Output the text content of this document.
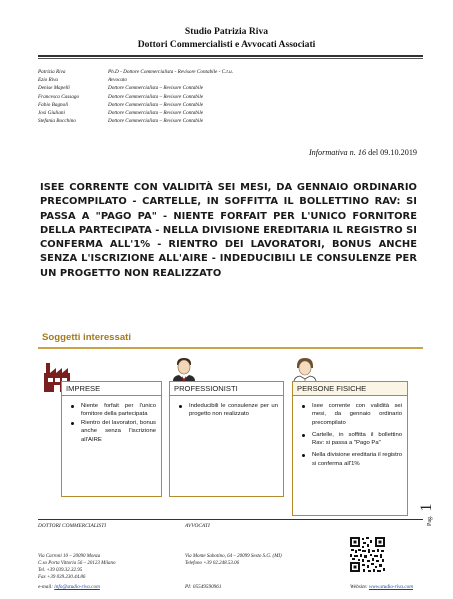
Studio Patrizia Riva
Dottori Commercialisti e Avvocati Associati
Patrizia Riva	Ph.D - Dottore Commercialista - Revisore Contabile - C.t.u.
Ezio Riva	Avvocato
Denise Mapelli	Dottore Commercialista – Revisore Contabile
Francesca Cassago	Dottore Commercialista – Revisore Contabile
Fabio Bagnoli	Dottore Commercialista – Revisore Contabile
Josi Giuliani	Dottore Commercialista – Revisore Contabile
Stefania Bocchino	Dottore Commercialista – Revisore Contabile
Informativa n. 16 del 09.10.2019
ISEE CORRENTE CON VALIDITÀ SEI MESI, DA GENNAIO ORDINARIO PRECOMPILATO - CARTELLE, IN SOFFITTA IL BOLLETTINO RAV: SI PASSA A "PAGO PA" - NIENTE FORFAIT PER L'UNICO FORNITORE DELLA PARTECIPATA - NELLA DIVISIONE EREDITARIA IL REGISTRO SI CONFERMA ALL'1% - RIENTRO DEI LAVORATORI, BONUS ANCHE SENZA L'ISCRIZIONE ALL'AIRE - INDEDUCIBILI LE CONSULENZE PER UN PROGETTO NON REALIZZATO
Soggetti interessati
IMPRESE
Niente forfait per l'unico fornitore della partecipata
Rientro dei lavoratori, bonus anche senza l'iscrizione all'AIRE
PROFESSIONISTI
Indeducibili le consulenze per un progetto non realizzato
PERSONE FISICHE
Isee corrente con validità sei mesi, da gennaio ordinario precompilato
Cartelle, in soffitta il bollettino Rav: si passa a "Pago Pa"
Nella divisione ereditaria il registro si conferma all'1%
Pag. 1
DOTTORI COMMERCIALISTI	AVVOCATI
Via Carroni 10 – 20090 Monza
C.so Porta Vittoria 56 – 20123 Milano
Tel. +39 039.32.32.95
Fax +39 039.230.44.86
Via Monte Sabotino, 64 – 20099 Sesto S.G. (MI)
Telefono +39 02.248.53.06
e-mail: info@studio-riva.com	PI: 05549590961	Website: www.studio-riva.com
